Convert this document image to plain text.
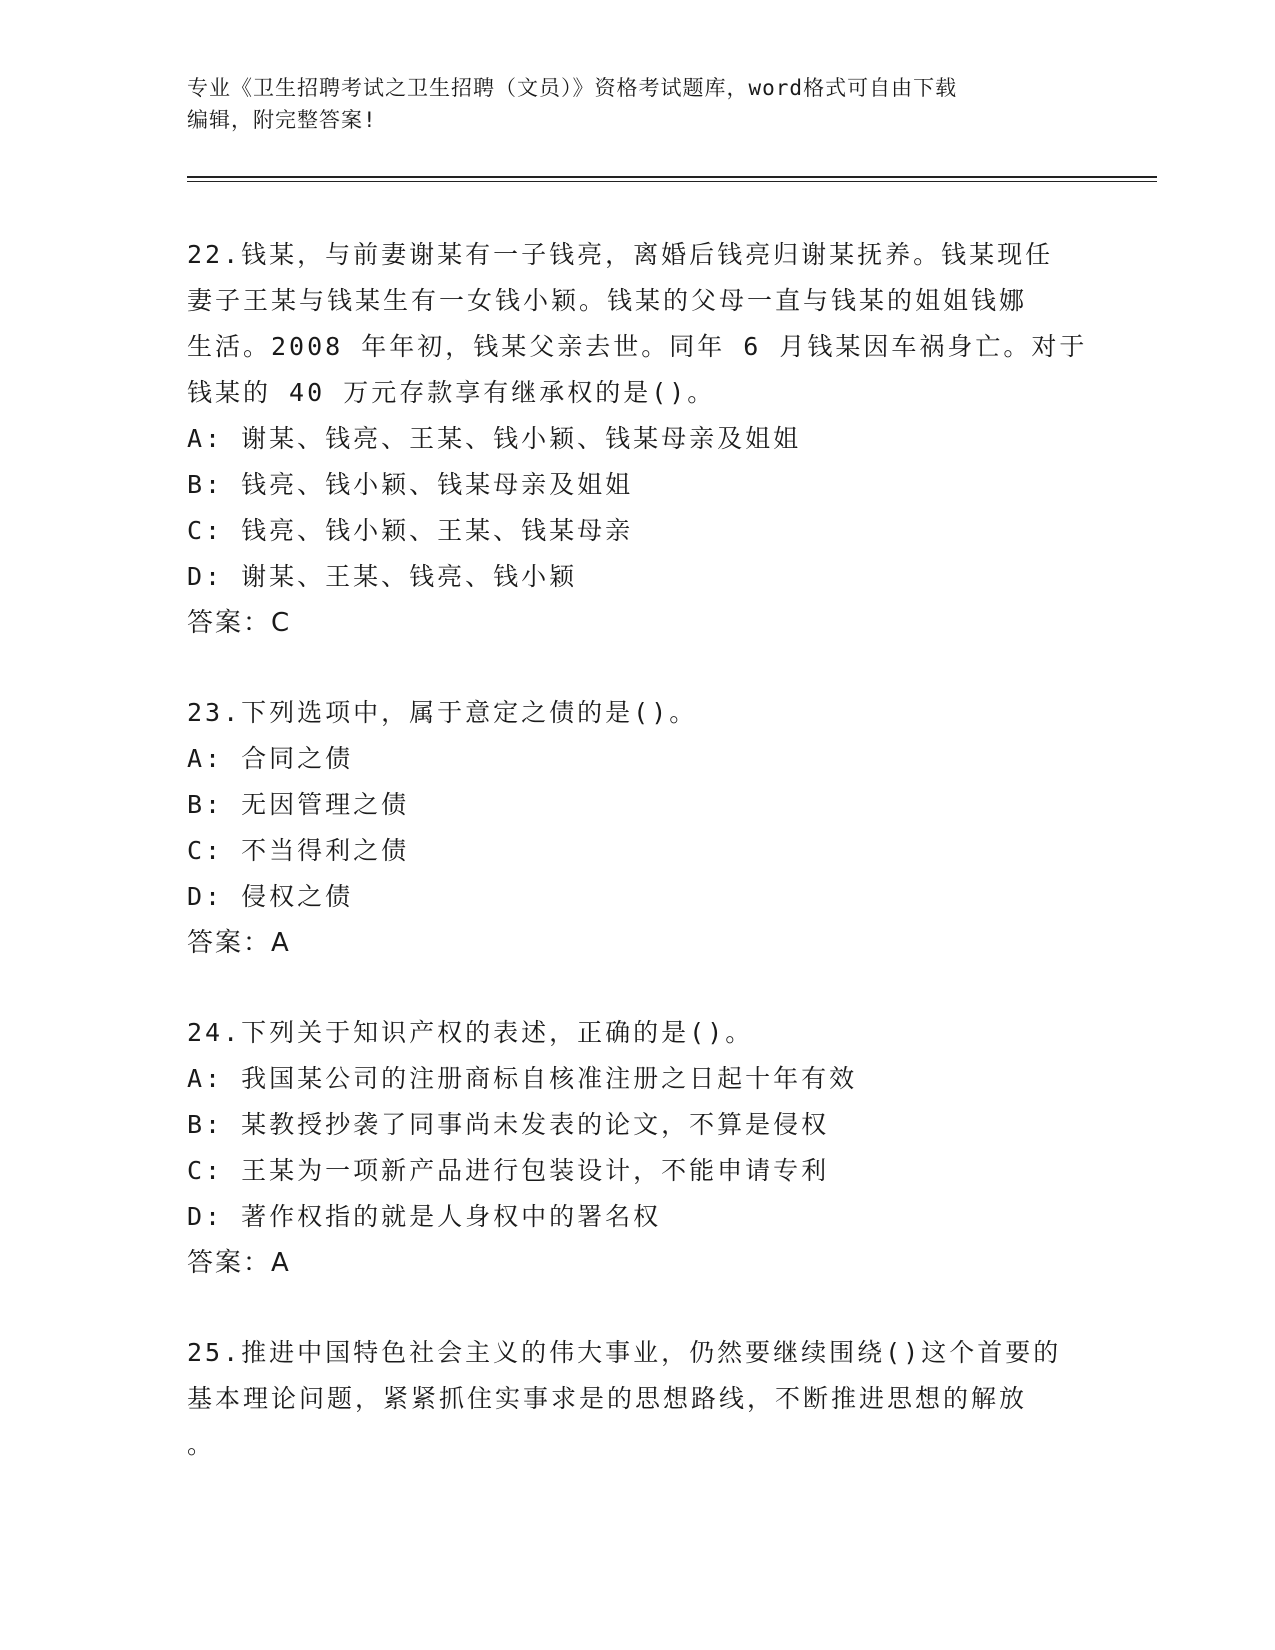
专业《卫生招聘考试之卫生招聘（文员）》资格考试题库，word格式可自由下载
编辑，附完整答案!
22.钱某，与前妻谢某有一子钱亮，离婚后钱亮归谢某抚养。钱某现任
妻子王某与钱某生有一女钱小颖。钱某的父母一直与钱某的姐姐钱娜
生活。2008 年年初，钱某父亲去世。同年 6 月钱某因车祸身亡。对于
钱某的 40 万元存款享有继承权的是()。
A: 谢某、钱亮、王某、钱小颖、钱某母亲及姐姐
B: 钱亮、钱小颖、钱某母亲及姐姐
C: 钱亮、钱小颖、王某、钱某母亲
D: 谢某、王某、钱亮、钱小颖
答案：C
23.下列选项中，属于意定之债的是()。
A: 合同之债
B: 无因管理之债
C: 不当得利之债
D: 侵权之债
答案：A
24.下列关于知识产权的表述，正确的是()。
A: 我国某公司的注册商标自核准注册之日起十年有效
B: 某教授抄袭了同事尚未发表的论文，不算是侵权
C: 王某为一项新产品进行包装设计，不能申请专利
D: 著作权指的就是人身权中的署名权
答案：A
25.推进中国特色社会主义的伟大事业，仍然要继续围绕()这个首要的
基本理论问题，紧紧抓住实事求是的思想路线，不断推进思想的解放
。
